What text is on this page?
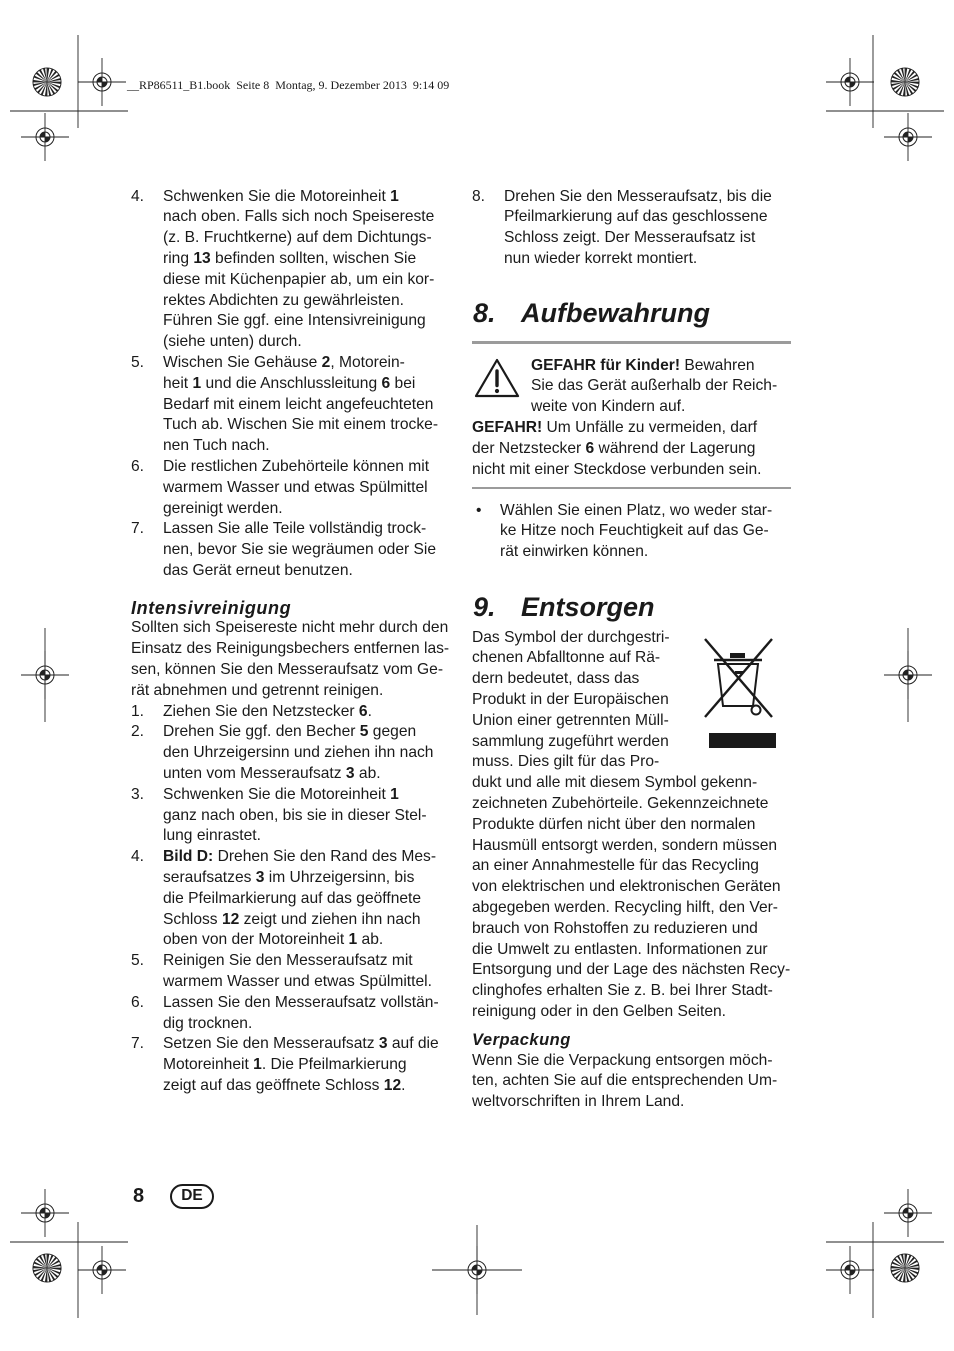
__RP86511_B1.book  Seite 8  Montag, 9. Dezember 2013  9:14 09
4. Schwenken Sie die Motoreinheit 1
nach oben. Falls sich noch Speisereste
(z. B. Fruchtkerne) auf dem Dichtungs-
ring 13 befinden sollten, wischen Sie
diese mit Küchenpapier ab, um ein kor-
rektes Abdichten zu gewährleisten.
Führen Sie ggf. eine Intensivreinigung
(siehe unten) durch.
5. Wischen Sie Gehäuse 2, Motorein-
heit 1 und die Anschlussleitung 6 bei
Bedarf mit einem leicht angefeuchteten
Tuch ab. Wischen Sie mit einem trocke-
nen Tuch nach.
6. Die restlichen Zubehörteile können mit
warmem Wasser und etwas Spülmittel
gereinigt werden.
7. Lassen Sie alle Teile vollständig trock-
nen, bevor Sie sie wegräumen oder Sie
das Gerät erneut benutzen.
Intensivreinigung
Sollten sich Speisereste nicht mehr durch den
Einsatz des Reinigungsbechers entfernen las-
sen, können Sie den Messeraufsatz vom Ge-
rät abnehmen und getrennt reinigen.
1. Ziehen Sie den Netzstecker 6.
2. Drehen Sie ggf. den Becher 5 gegen
den Uhrzeigersinn und ziehen ihn nach
unten vom Messeraufsatz 3 ab.
3. Schwenken Sie die Motoreinheit 1
ganz nach oben, bis sie in dieser Stel-
lung einrastet.
4. Bild D: Drehen Sie den Rand des Mes-
seraufsatzes 3 im Uhrzeigersinn, bis
die Pfeilmarkierung auf das geöffnete
Schloss 12 zeigt und ziehen ihn nach
oben von der Motoreinheit 1 ab.
5. Reinigen Sie den Messeraufsatz mit
warmem Wasser und etwas Spülmittel.
6. Lassen Sie den Messeraufsatz vollstän-
dig trocknen.
7. Setzen Sie den Messeraufsatz 3 auf die
Motoreinheit 1. Die Pfeilmarkierung
zeigt auf das geöffnete Schloss 12.
8. Drehen Sie den Messeraufsatz, bis die
Pfeilmarkierung auf das geschlossene
Schloss zeigt. Der Messeraufsatz ist
nun wieder korrekt montiert.
8. Aufbewahrung
GEFAHR für Kinder! Bewahren
Sie das Gerät außerhalb der Reich-
weite von Kindern auf.
GEFAHR! Um Unfälle zu vermeiden, darf
der Netzstecker 6 während der Lagerung
nicht mit einer Steckdose verbunden sein.
• Wählen Sie einen Platz, wo weder star-
ke Hitze noch Feuchtigkeit auf das Ge-
rät einwirken können.
9. Entsorgen
Das Symbol der durchgestri-
chenen Abfalltonne auf Rä-
dern bedeutet, dass das
Produkt in der Europäischen
Union einer getrennten Müll-
sammlung zugeführt werden
muss. Dies gilt für das Pro-
dukt und alle mit diesem Symbol gekenn-
zeichneten Zubehörteile. Gekennzeichnete
Produkte dürfen nicht über den normalen
Hausmüll entsorgt werden, sondern müssen
an einer Annahmestelle für das Recycling
von elektrischen und elektronischen Geräten
abgegeben werden. Recycling hilft, den Ver-
brauch von Rohstoffen zu reduzieren und
die Umwelt zu entlasten. Informationen zur
Entsorgung und der Lage des nächsten Recy-
clinghofes erhalten Sie z. B. bei Ihrer Stadt-
reinigung oder in den Gelben Seiten.
Verpackung
Wenn Sie die Verpackung entsorgen möch-
ten, achten Sie auf die entsprechenden Um-
weltvorschriften in Ihrem Land.
8	DE
